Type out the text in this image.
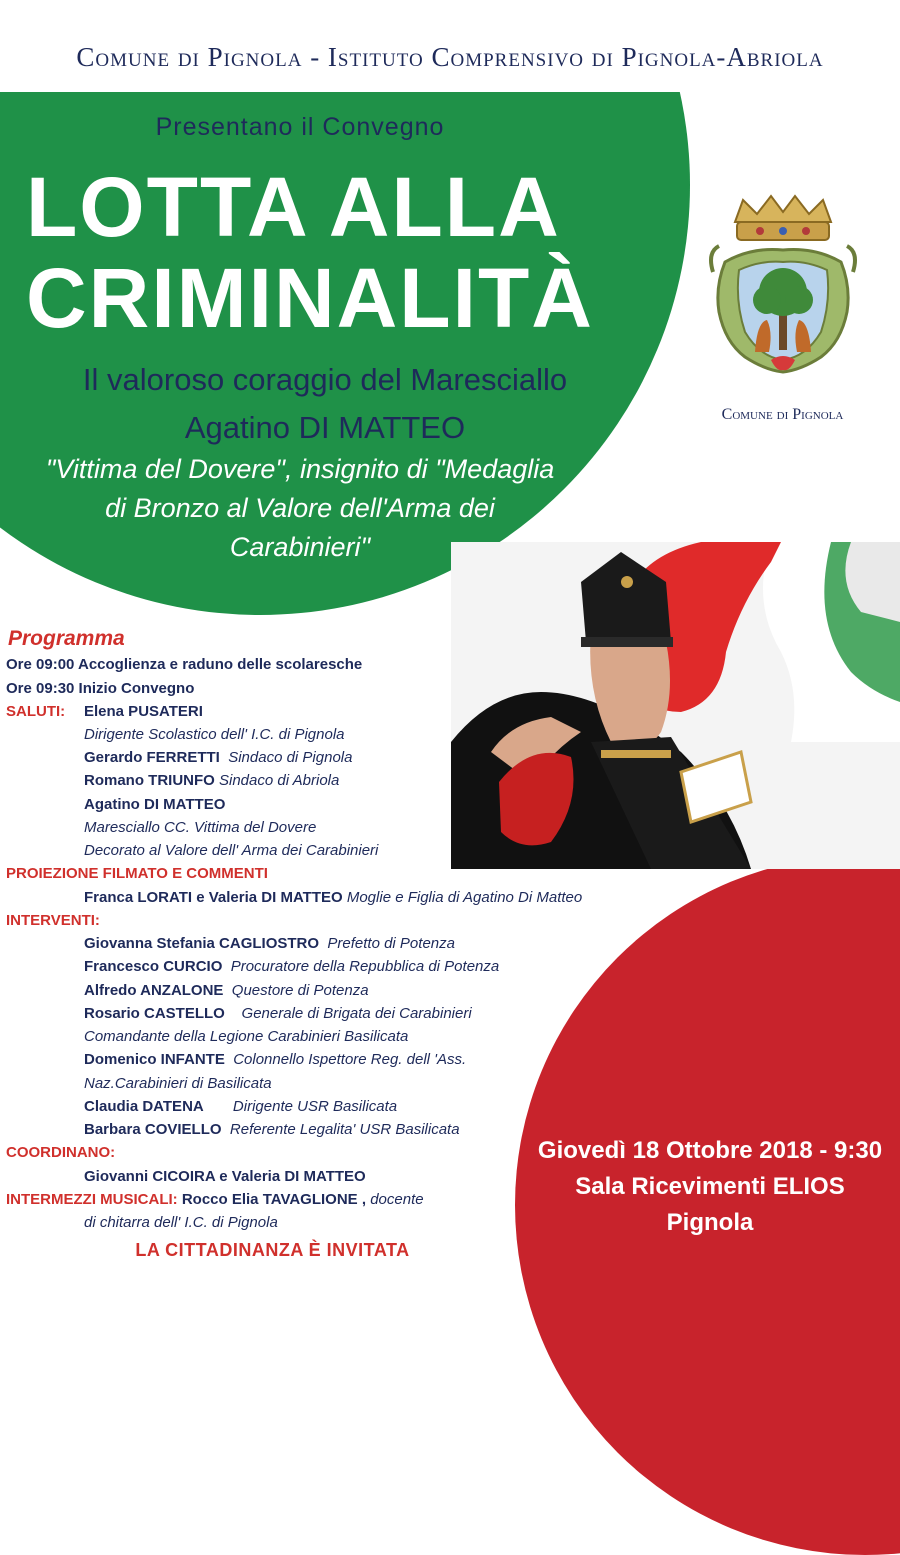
Comune di Pignola - Istituto Comprensivo di Pignola-Abriola
Presentano il Convegno
LOTTA ALLA
CRIMINALITÀ
Il valoroso coraggio del Maresciallo
Agatino DI MATTEO
"Vittima del Dovere", insignito di "Medaglia
di Bronzo al Valore dell'Arma dei
Carabinieri"
Comune di Pignola
Programma
Ore 09:00 Accoglienza e raduno delle scolaresche
Ore 09:30 Inizio Convegno
SALUTI: Elena PUSATERI
Dirigente Scolastico dell' I.C. di Pignola
Gerardo FERRETTI Sindaco di Pignola
Romano TRIUNFO Sindaco di Abriola
Agatino DI MATTEO
Maresciallo CC. Vittima del Dovere
Decorato al Valore dell' Arma dei Carabinieri
PROIEZIONE FILMATO E COMMENTI
Franca LORATI e Valeria DI MATTEO Moglie e Figlia di Agatino Di Matteo
INTERVENTI:
Giovanna Stefania CAGLIOSTRO Prefetto di Potenza
Francesco CURCIO Procuratore della Repubblica di Potenza
Alfredo ANZALONE Questore di Potenza
Rosario CASTELLO Generale di Brigata dei Carabinieri
Comandante della Legione Carabinieri Basilicata
Domenico INFANTE Colonnello Ispettore Reg. dell 'Ass.
Naz.Carabinieri di Basilicata
Claudia DATENA Dirigente USR Basilicata
Barbara COVIELLO Referente Legalita' USR Basilicata
COORDINANO:
Giovanni CICOIRA e Valeria DI MATTEO
INTERMEZZI MUSICALI: Rocco Elia TAVAGLIONE , docente
di chitarra dell' I.C. di Pignola
Giovedì 18 Ottobre 2018 - 9:30
Sala Ricevimenti ELIOS
Pignola
LA CITTADINANZA È INVITATA
